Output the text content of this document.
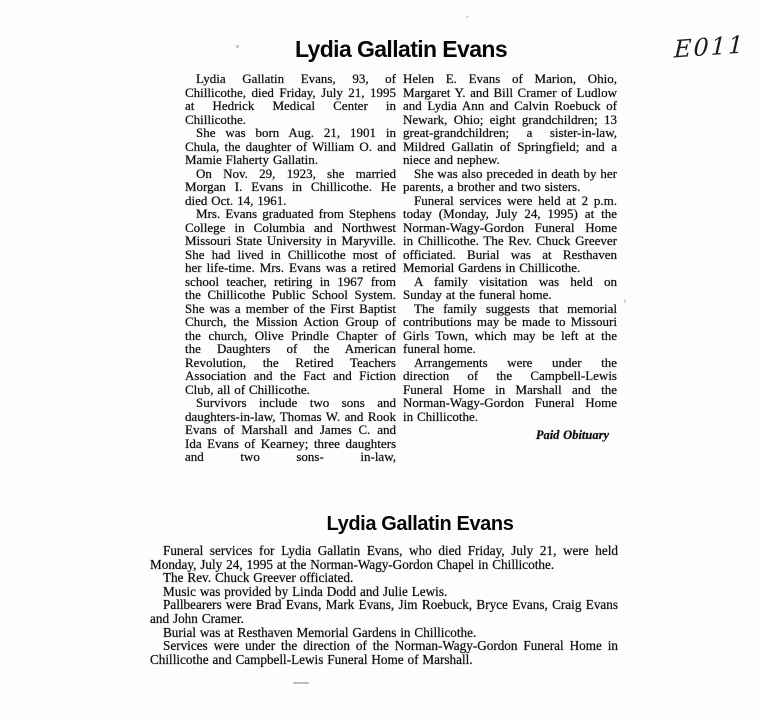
E011
Lydia Gallatin Evans

Lydia Gallatin Evans, 93, of Chillicothe, died Friday, July 21, 1995 at Hedrick Medical Center in Chillicothe.

She was born Aug. 21, 1901 in Chula, the daughter of William O. and Mamie Flaherty Gallatin.

On Nov. 29, 1923, she married Morgan I. Evans in Chillicothe. He died Oct. 14, 1961.

Mrs. Evans graduated from Stephens College in Columbia and Northwest Missouri State University in Maryville. She had lived in Chillicothe most of her life-time. Mrs. Evans was a retired school teacher, retiring in 1967 from the Chillicothe Public School System. She was a member of the First Baptist Church, the Mission Action Group of the church, Olive Prindle Chapter of the Daughters of the American Revolution, the Retired Teachers Association and the Fact and Fiction Club, all of Chillicothe.

Survivors include two sons and daughters-in-law, Thomas W. and Rook Evans of Marshall and James C. and Ida Evans of Kearney; three daughters and two sons- in-law,

Helen E. Evans of Marion, Ohio, Margaret Y. and Bill Cramer of Ludlow and Lydia Ann and Calvin Roebuck of Newark, Ohio; eight grandchildren; 13 great-grandchildren; a sister-in-law, Mildred Gallatin of Springfield; and a niece and nephew.

She was also preceded in death by her parents, a brother and two sisters.

Funeral services were held at 2 p.m. today (Monday, July 24, 1995) at the Norman-Wagy-Gordon Funeral Home in Chillicothe. The Rev. Chuck Greever officiated. Burial was at Resthaven Memorial Gardens in Chillicothe.

A family visitation was held on Sunday at the funeral home.

The family suggests that memorial contributions may be made to Missouri Girls Town, which may be left at the funeral home.

Arrangements were under the direction of the Campbell-Lewis Funeral Home in Marshall and the Norman-Wagy-Gordon Funeral Home in Chillicothe.

Paid Obituary

Lydia Gallatin Evans

Funeral services for Lydia Gallatin Evans, who died Friday, July 21, were held Monday, July 24, 1995 at the Norman-Wagy-Gordon Chapel in Chillicothe.

The Rev. Chuck Greever officiated.

Music was provided by Linda Dodd and Julie Lewis.

Pallbearers were Brad Evans, Mark Evans, Jim Roebuck, Bryce Evans, Craig Evans and John Cramer.

Burial was at Resthaven Memorial Gardens in Chillicothe.

Services were under the direction of the Norman-Wagy-Gordon Funeral Home in Chillicothe and Campbell-Lewis Funeral Home of Marshall.
